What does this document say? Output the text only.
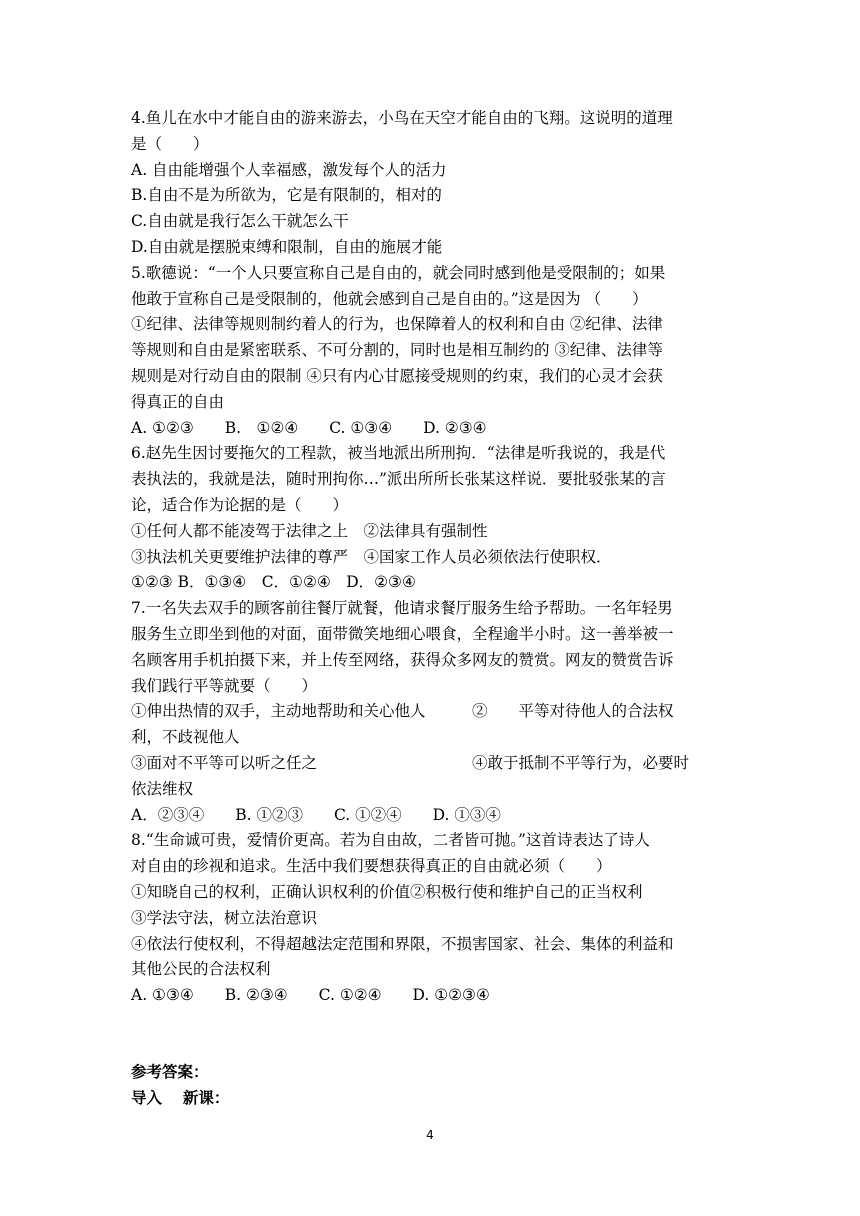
4.鱼儿在水中才能自由的游来游去，小鸟在天空才能自由的飞翔。这说明的道理
是（　　）
A. 自由能增强个人幸福感，激发每个人的活力
B.自由不是为所欲为，它是有限制的，相对的
C.自由就是我行怎么干就怎么干
D.自由就是摆脱束缚和限制，自由的施展才能
5.歌德说：“一个人只要宣称自己是自由的，就会同时感到他是受限制的；如果
他敢于宣称自己是受限制的，他就会感到自己是自由的。”这是因为 （　　）
①纪律、法律等规则制约着人的行为，也保障着人的权利和自由 ②纪律、法律
等规则和自由是紧密联系、不可分割的，同时也是相互制约的 ③纪律、法律等
规则是对行动自由的限制 ④只有内心甘愿接受规则的约束，我们的心灵才会获
得真正的自由
A. ①②③　　B.　①②④　　C. ①③④　　D. ②③④
6.赵先生因讨要拖欠的工程款，被当地派出所刑拘．“法律是听我说的，我是代
表执法的，我就是法，随时刑拘你…”派出所所长张某这样说．要批驳张某的言
论，适合作为论据的是（　　）
①任何人都不能凌驾于法律之上　②法律具有强制性
③执法机关更要维护法律的尊严　④国家工作人员必须依法行使职权．
①②③ B．①③④　C．①②④　D．②③④
7.一名失去双手的顾客前往餐厅就餐，他请求餐厅服务生给予帮助。一名年轻男
服务生立即坐到他的对面，面带微笑地细心喂食，全程逾半小时。这一善举被一
名顾客用手机拍摄下来，并上传至网络，获得众多网友的赞赏。网友的赞赏告诉
我们践行平等就要（　　）
①伸出热情的双手，主动地帮助和关心他人　　　②　　平等对待他人的合法权
利，不歧视他人
③面对不平等可以听之任之　　　　　　　　　　④敢于抵制不平等行为，必要时
依法维权
A．②③④　　B. ①②③　　C. ①②④　　D. ①③④
8.“生命诚可贵，爱情价更高。若为自由故，二者皆可抛。”这首诗表达了诗人
对自由的珍视和追求。生活中我们要想获得真正的自由就必须（　　）
①知晓自己的权利，正确认识权利的价值②积极行使和维护自己的正当权利
③学法守法，树立法治意识
④依法行使权利，不得超越法定范围和界限，不损害国家、社会、集体的利益和
其他公民的合法权利
A. ①③④　　B. ②③④　　C. ①②④　　D. ①②③④
参考答案：
导入　 新课：
4
